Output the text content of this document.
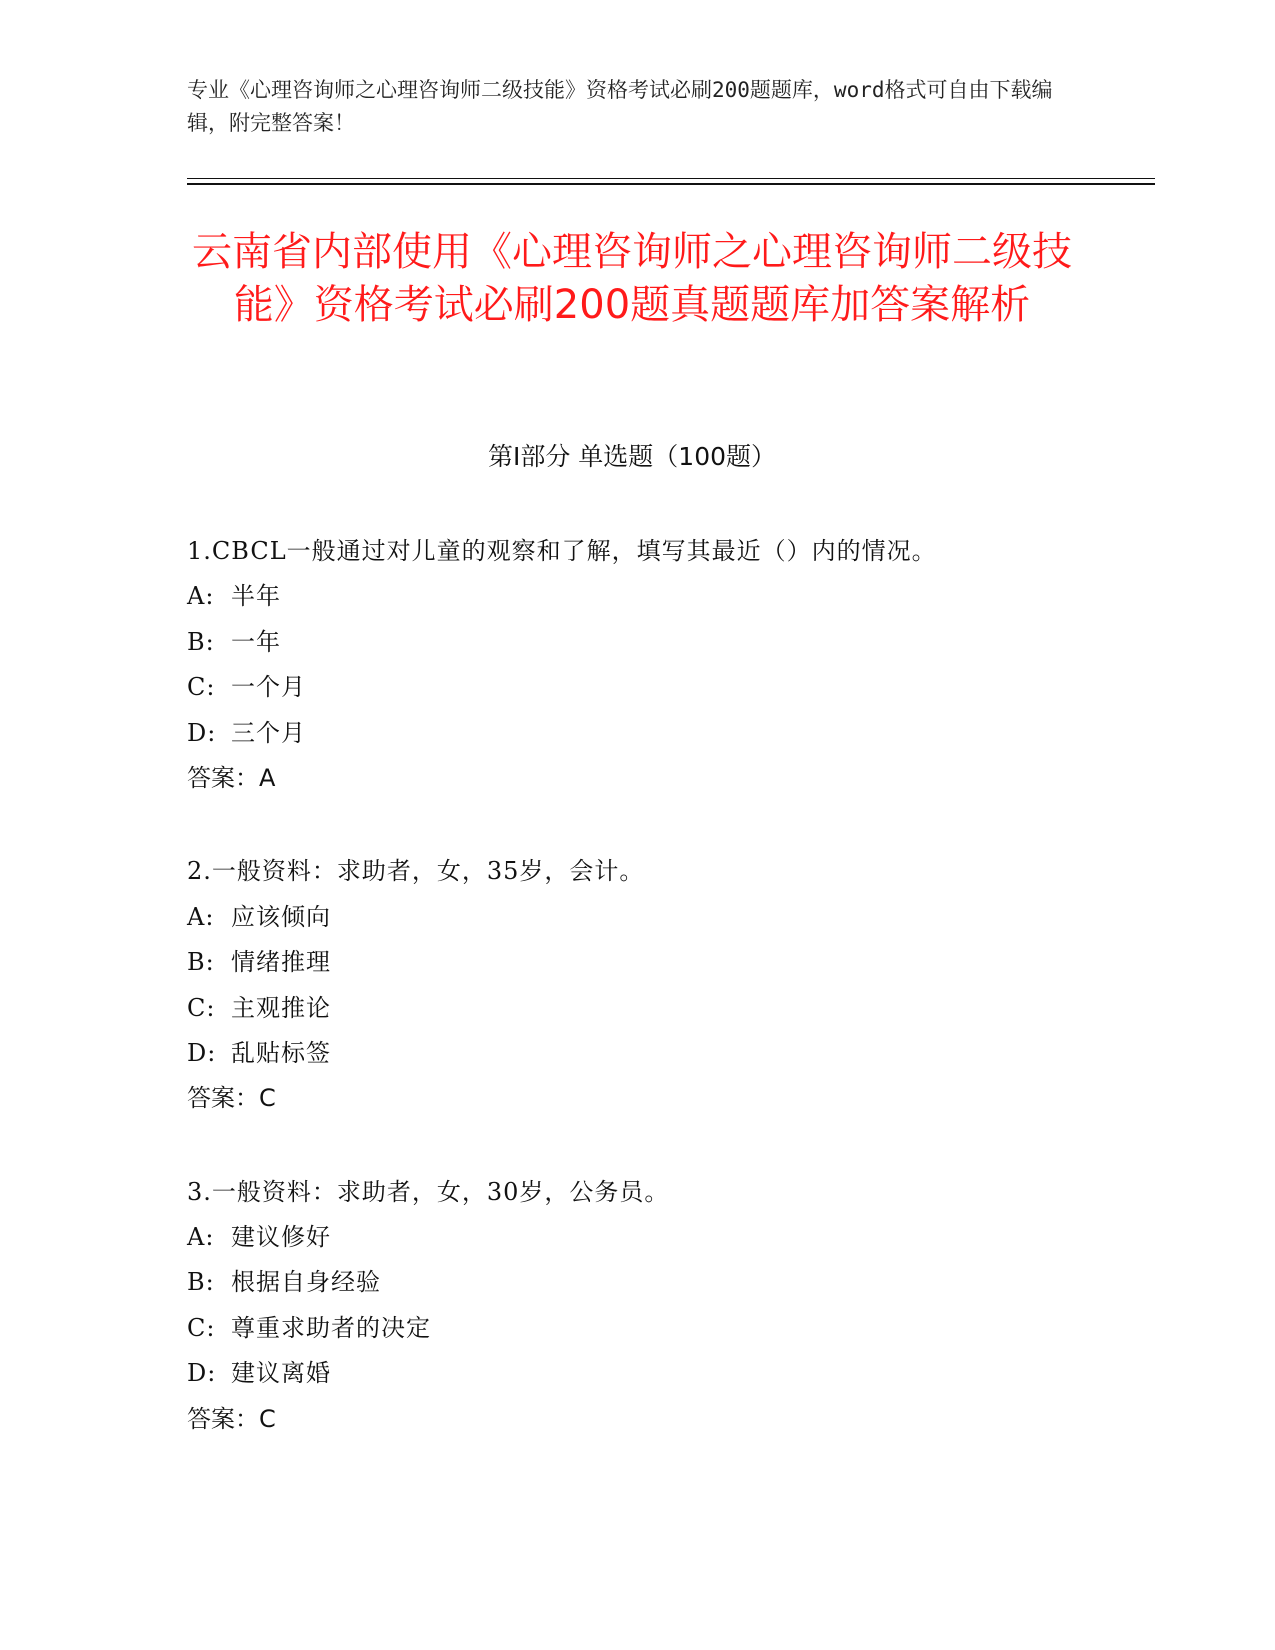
专业《心理咨询师之心理咨询师二级技能》资格考试必刷200题题库，word格式可自由下载编辑，附完整答案！
云南省内部使用《心理咨询师之心理咨询师二级技能》资格考试必刷200题真题题库加答案解析
第Ⅰ部分 单选题（100题）
1.CBCL一般通过对儿童的观察和了解，填写其最近（）内的情况。
A: 半年
B: 一年
C: 一个月
D: 三个月
答案：A
2.一般资料：求助者，女，35岁，会计。
A: 应该倾向
B: 情绪推理
C: 主观推论
D: 乱贴标签
答案：C
3.一般资料：求助者，女，30岁，公务员。
A: 建议修好
B: 根据自身经验
C: 尊重求助者的决定
D: 建议离婚
答案：C
